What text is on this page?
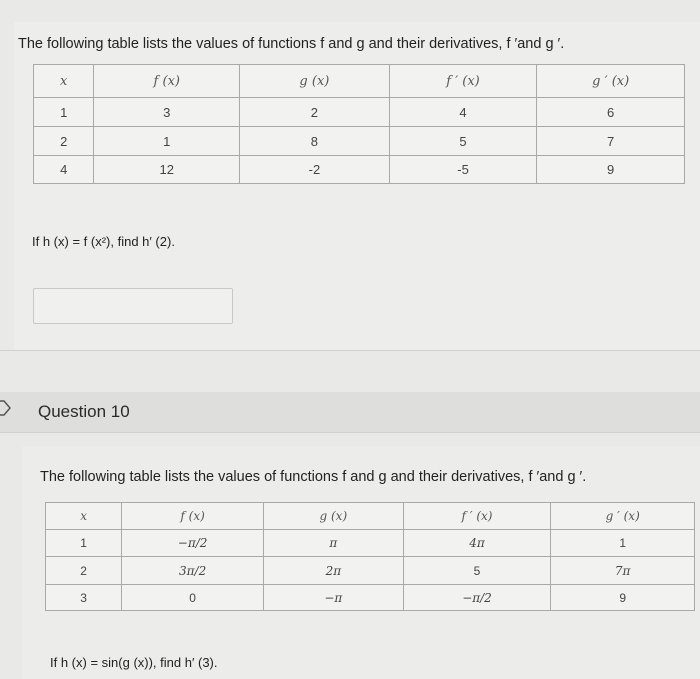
The following table lists the values of functions f and g and their derivatives, f ′and g ′.
x	f (x)	g (x)	f ′ (x)	g ′ (x)
1	3	2	4	6
2	1	8	5	7
4	12	-2	-5	9
If h (x) = f (x²), find h′ (2).
Question 10
The following table lists the values of functions f and g and their derivatives, f ′and g ′.
x	f (x)	g (x)	f ′ (x)	g ′ (x)
1	−π/2	π	4π	1
2	3π/2	2π	5	7π
3	0	−π	−π/2	9
If h (x) = sin(g (x)), find h′ (3).
